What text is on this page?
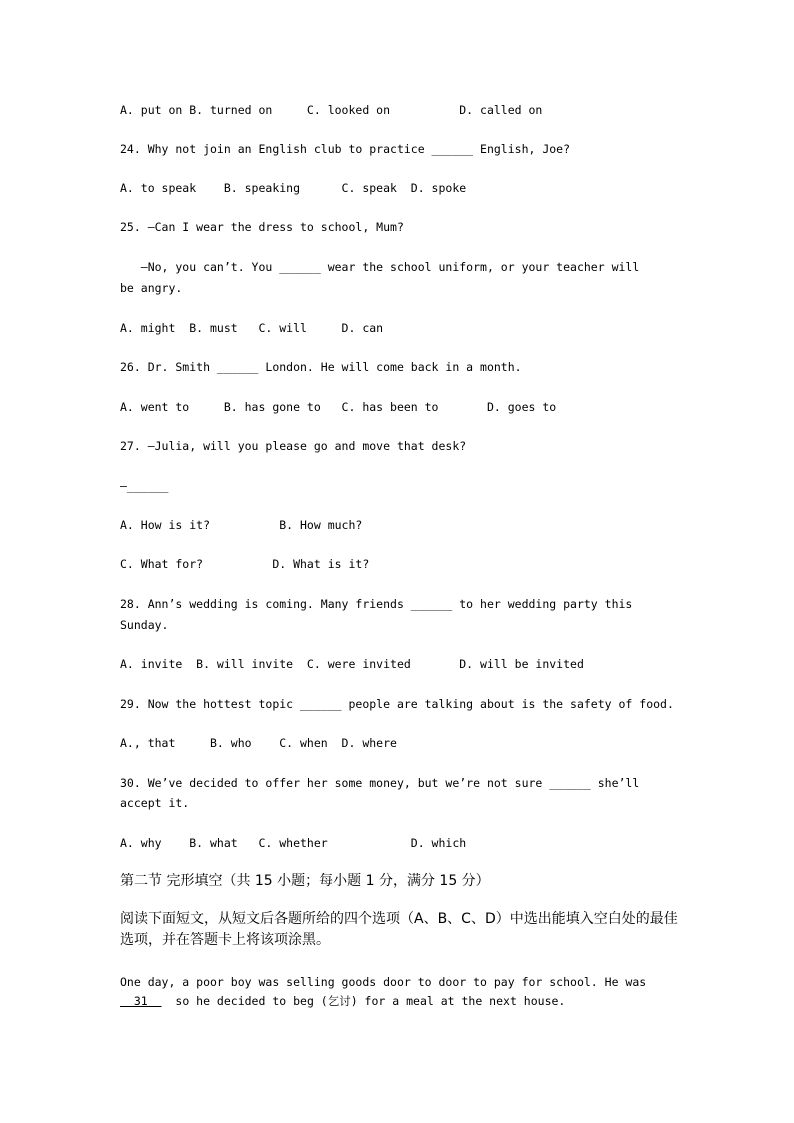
A. put on B. turned on     C. looked on          D. called on
24. Why not join an English club to practice ______ English, Joe?
A. to speak    B. speaking      C. speak  D. spoke
25. —Can I wear the dress to school, Mum?
—No, you can’t. You ______ wear the school uniform, or your teacher will
be angry.
A. might  B. must   C. will     D. can
26. Dr. Smith ______ London. He will come back in a month.
A. went to     B. has gone to   C. has been to       D. goes to
27. —Julia, will you please go and move that desk?
—______
A. How is it?          B. How much?
C. What for?          D. What is it?
28. Ann’s wedding is coming. Many friends ______ to her wedding party this
Sunday.
A. invite  B. will invite  C. were invited       D. will be invited
29. Now the hottest topic ______ people are talking about is the safety of food.
A., that     B. who    C. when  D. where
30. We’ve decided to offer her some money, but we’re not sure ______ she’ll
accept it.
A. why    B. what   C. whether            D. which
第二节 完形填空（共 15 小题；每小题 1 分，满分 15 分）
阅读下面短文，从短文后各题所给的四个选项（A、B、C、D）中选出能填入空白处的最佳
选项，并在答题卡上将该项涂黑。
One day, a poor boy was selling goods door to door to pay for school. He was
31    so he decided to beg (乞讨) for a meal at the next house.
